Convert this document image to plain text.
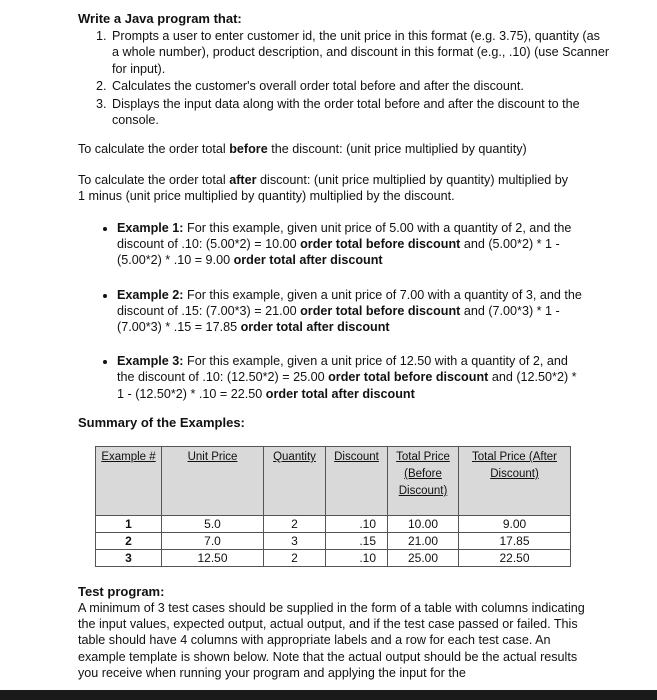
Write a Java program that:
1. Prompts a user to enter customer id, the unit price in this format (e.g. 3.75), quantity (as a whole number), product description, and discount in this format (e.g., .10) (use Scanner for input).
2. Calculates the customer's overall order total before and after the discount.
3. Displays the input data along with the order total before and after the discount to the console.
To calculate the order total before the discount: (unit price multiplied by quantity)
To calculate the order total after discount: (unit price multiplied by quantity) multiplied by 1 minus (unit price multiplied by quantity) multiplied by the discount.
• Example 1: For this example, given unit price of 5.00 with a quantity of 2, and the discount of .10: (5.00*2) = 10.00 order total before discount and (5.00*2) * 1 - (5.00*2) * .10 = 9.00 order total after discount
• Example 2: For this example, given a unit price of 7.00 with a quantity of 3, and the discount of .15: (7.00*3) = 21.00 order total before discount and (7.00*3) * 1 - (7.00*3) * .15 = 17.85 order total after discount
• Example 3: For this example, given a unit price of 12.50 with a quantity of 2, and the discount of .10: (12.50*2) = 25.00 order total before discount and (12.50*2) * 1 - (12.50*2) * .10 = 22.50 order total after discount
Summary of the Examples:
Example #	Unit Price	Quantity	Discount	Total Price (Before Discount)	Total Price (After Discount)
1	5.0	2	.10	10.00	9.00
2	7.0	3	.15	21.00	17.85
3	12.50	2	.10	25.00	22.50
Test program:
A minimum of 3 test cases should be supplied in the form of a table with columns indicating the input values, expected output, actual output, and if the test case passed or failed. This table should have 4 columns with appropriate labels and a row for each test case. An example template is shown below. Note that the actual output should be the actual results you receive when running your program and applying the input for the
